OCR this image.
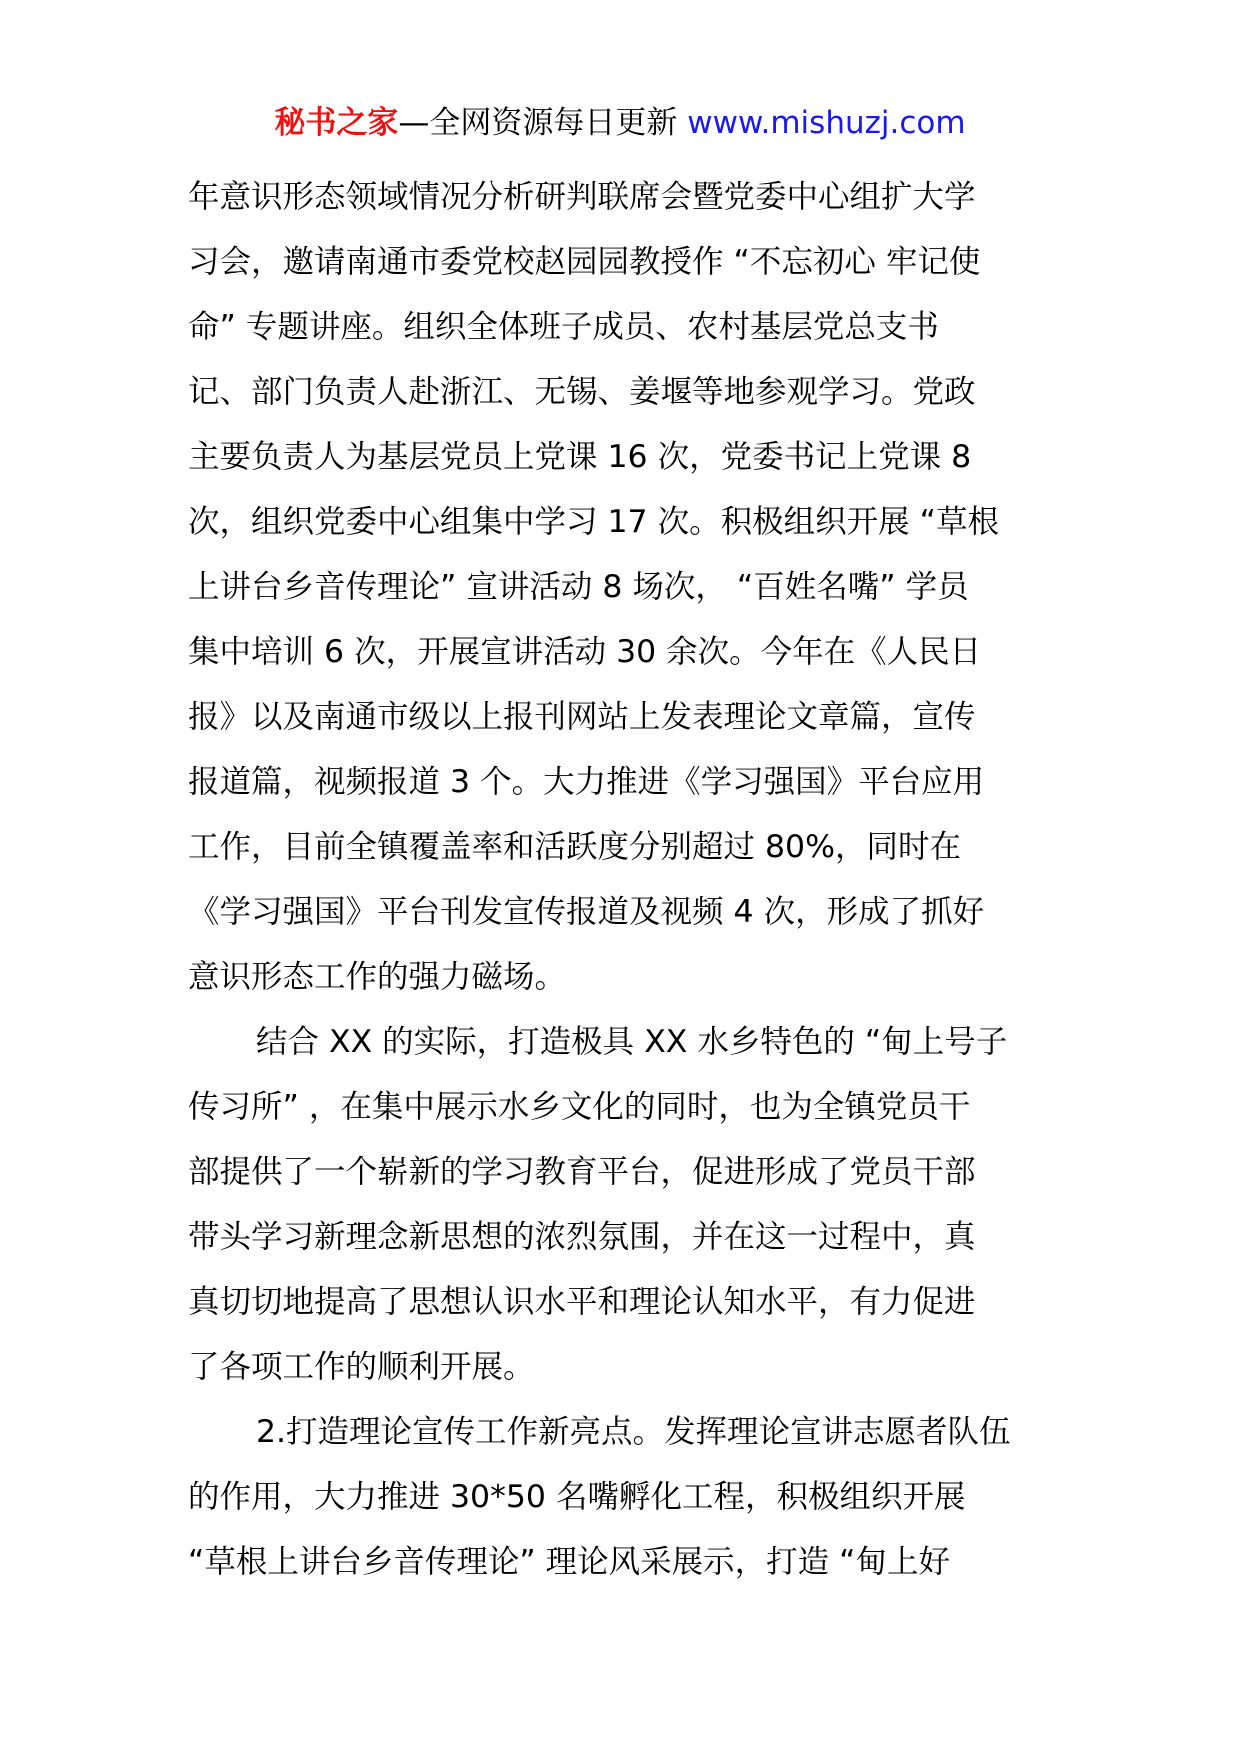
秘书之家—全网资源每日更新 www.mishuzj.com
年意识形态领域情况分析研判联席会暨党委中心组扩大学
习会，邀请南通市委党校赵园园教授作 “不忘初心 牢记使
命” 专题讲座。组织全体班子成员、农村基层党总支书
记、部门负责人赴浙江、无锡、姜堰等地参观学习。党政
主要负责人为基层党员上党课 16 次，党委书记上党课 8
次，组织党委中心组集中学习 17 次。积极组织开展 “草根
上讲台乡音传理论” 宣讲活动 8 场次， “百姓名嘴” 学员
集中培训 6 次，开展宣讲活动 30 余次。今年在《人民日
报》以及南通市级以上报刊网站上发表理论文章篇，宣传
报道篇，视频报道 3 个。大力推进《学习强国》平台应用
工作，目前全镇覆盖率和活跃度分别超过 80%，同时在
《学习强国》平台刊发宣传报道及视频 4 次，形成了抓好
意识形态工作的强力磁场。
结合 XX 的实际，打造极具 XX 水乡特色的 “甸上号子
传习所” ，在集中展示水乡文化的同时，也为全镇党员干
部提供了一个崭新的学习教育平台，促进形成了党员干部
带头学习新理念新思想的浓烈氛围，并在这一过程中，真
真切切地提高了思想认识水平和理论认知水平，有力促进
了各项工作的顺利开展。
2.打造理论宣传工作新亮点。发挥理论宣讲志愿者队伍
的作用，大力推进 30*50 名嘴孵化工程，积极组织开展
“草根上讲台乡音传理论” 理论风采展示，打造 “甸上好
